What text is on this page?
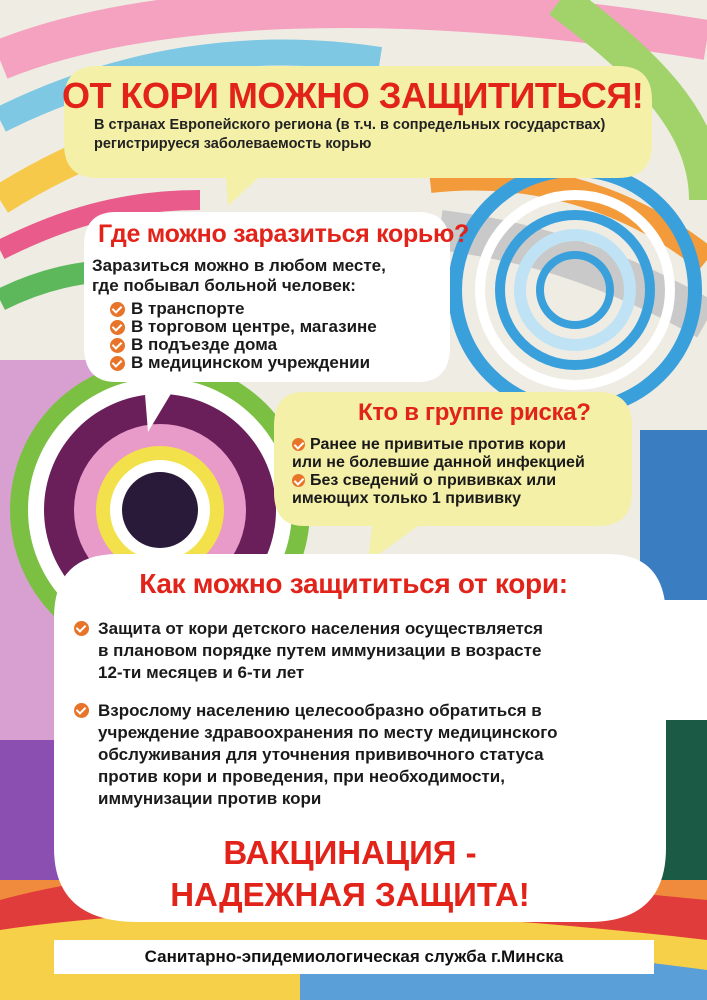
ОТ КОРИ МОЖНО ЗАЩИТИТЬСЯ!
В странах Европейского региона (в т.ч. в сопредельных государствах)
регистрируеся заболеваемость корью
Где можно заразиться корью?
Заразиться можно в любом месте,
где побывал больной человек:
В транспорте
В торговом центре, магазине
В подъезде дома
В медицинском учреждении
Кто в группе риска?
Ранее не привитые против кори
или не болевшие данной инфекцией
Без сведений о прививках или
имеющих только 1 прививку
Как можно защититься от кори:
Защита от кори детского населения осуществляется
в плановом порядке путем иммунизации в возрасте
12-ти месяцев и 6-ти лет
Взрослому населению целесообразно обратиться в
учреждение здравоохранения по месту медицинского
обслуживания для уточнения прививочного статуса
против кори и проведения, при необходимости,
иммунизации против кори
ВАКЦИНАЦИЯ -
НАДЕЖНАЯ ЗАЩИТА!
Санитарно-эпидемиологическая служба г.Минска
